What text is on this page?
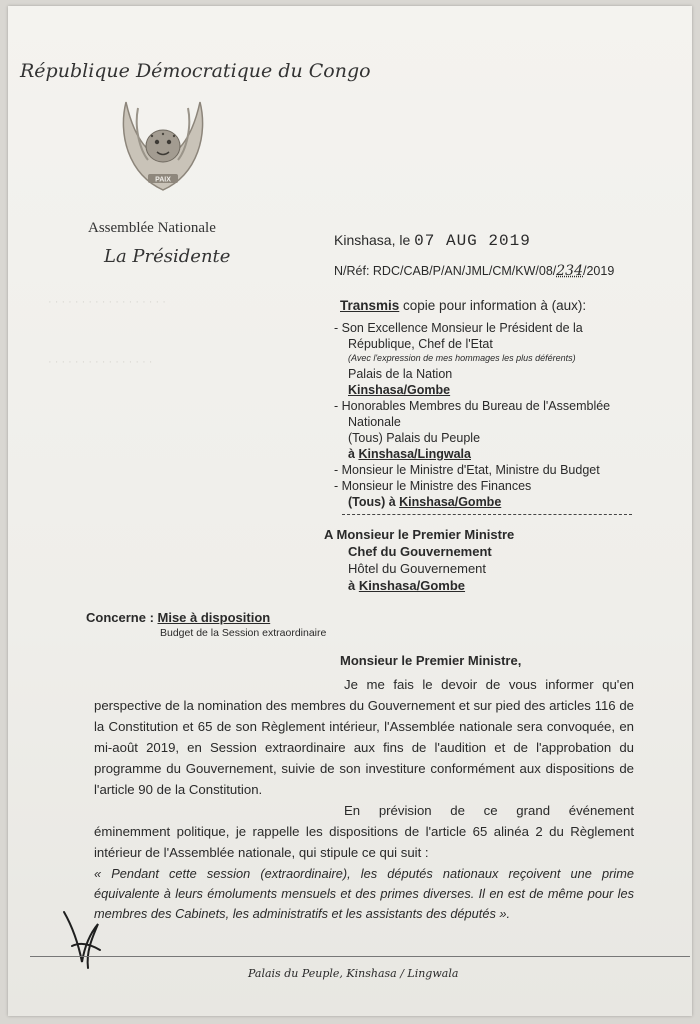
· · · · · · · · · · · · · · · · · ·
· · · · · · · · · · · · · · · ·
République Démocratique du Congo
PAIX
Assemblée Nationale
La Présidente
Kinshasa, le 07 AUG 2019
N/Réf: RDC/CAB/P/AN/JML/CM/KW/08/234/2019
Transmis copie pour information à (aux):
- Son Excellence Monsieur le Président de la
République, Chef de l'Etat
(Avec l'expression de mes hommages les plus déférents)
Palais de la Nation
Kinshasa/Gombe
- Honorables Membres du Bureau de l'Assemblée
Nationale
(Tous) Palais du Peuple
à Kinshasa/Lingwala
- Monsieur le Ministre d'Etat, Ministre du Budget
- Monsieur le Ministre des Finances
(Tous) à Kinshasa/Gombe
A Monsieur le Premier Ministre
Chef du Gouvernement
Hôtel du Gouvernement
à Kinshasa/Gombe
Concerne : Mise à disposition
Budget de la Session extraordinaire
Monsieur le Premier Ministre,
Je me fais le devoir de vous informer qu'en perspective de la nomination des membres du Gouvernement et sur pied des articles 116 de la Constitution et 65 de son Règlement intérieur, l'Assemblée nationale sera convoquée, en mi-août 2019, en Session extraordinaire aux fins de l'audition et de l'approbation du programme du Gouvernement, suivie de son investiture conformément aux dispositions de l'article 90 de la Constitution.
En prévision de ce grand événement éminemment politique, je rappelle les dispositions de l'article 65 alinéa 2 du Règlement intérieur de l'Assemblée nationale, qui stipule ce qui suit :
« Pendant cette session (extraordinaire), les députés nationaux reçoivent une prime équivalente à leurs émoluments mensuels et des primes diverses. Il en est de même pour les membres des Cabinets, les administratifs et les assistants des députés ».
Palais du Peuple, Kinshasa / Lingwala
